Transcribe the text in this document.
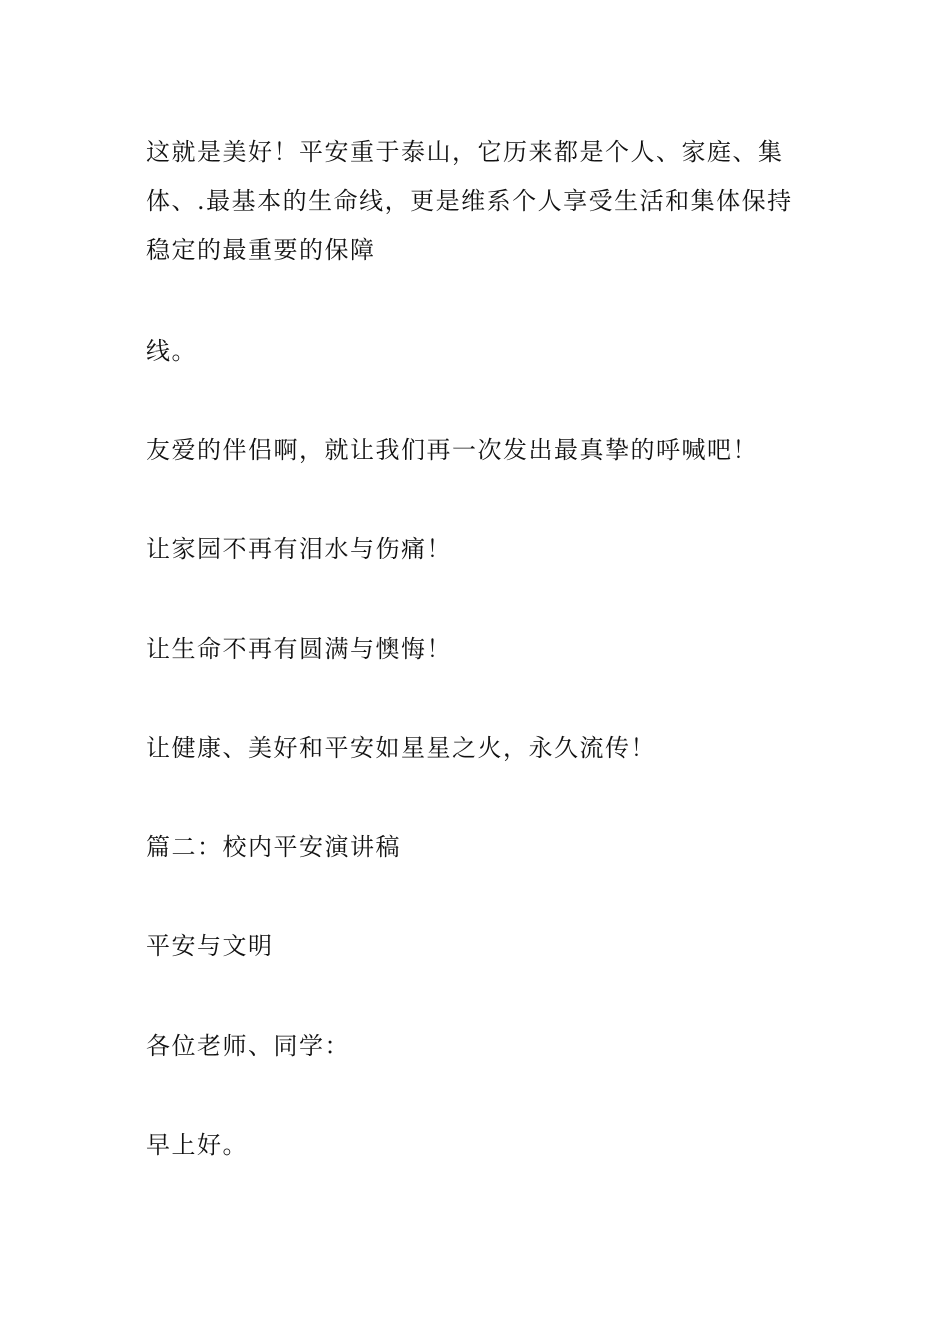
这就是美好！平安重于泰山，它历来都是个人、家庭、集体、.最基本的生命线，更是维系个人享受生活和集体保持稳定的最重要的保障

线。

友爱的伴侣啊，就让我们再一次发出最真挚的呼喊吧！

让家园不再有泪水与伤痛！

让生命不再有圆满与懊悔！

让健康、美好和平安如星星之火，永久流传！

篇二：校内平安演讲稿

平安与文明

各位老师、同学：

早上好。
